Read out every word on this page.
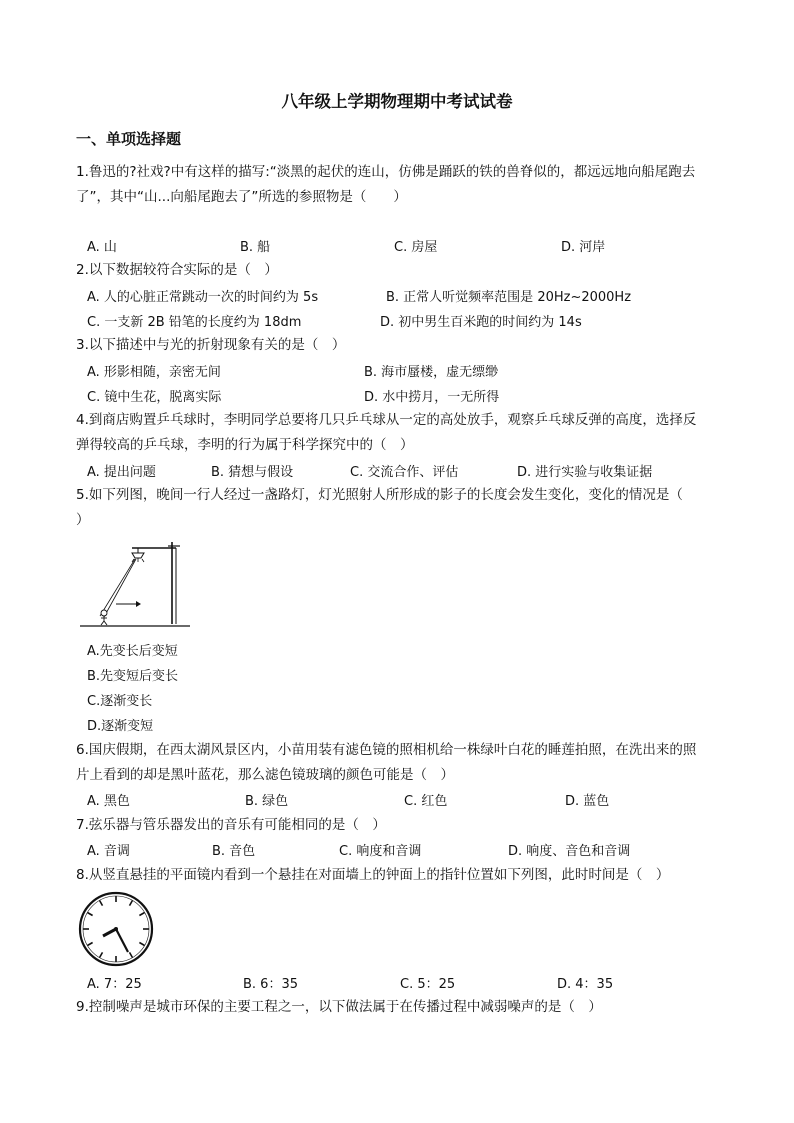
八年级上学期物理期中考试试卷
一、单项选择题
1.鲁迅的?社戏?中有这样的描写:“淡黑的起伏的连山，仿佛是踊跃的铁的兽脊似的，都远远地向船尾跑去
了”，其中“山...向船尾跑去了”所选的参照物是（　　）
A. 山	B. 船	C. 房屋	D. 河岸
2.以下数据较符合实际的是（　）
A. 人的心脏正常跳动一次的时间约为 5s	B. 正常人听觉频率范围是 20Hz~2000Hz
C. 一支新 2B 铅笔的长度约为 18dm	D. 初中男生百米跑的时间约为 14s
3.以下描述中与光的折射现象有关的是（　）
A. 形影相随，亲密无间	B. 海市蜃楼，虚无缥缈
C. 镜中生花，脱离实际	D. 水中捞月，一无所得
4.到商店购置乒乓球时，李明同学总要将几只乒乓球从一定的高处放手，观察乒乓球反弹的高度，选择反
弹得较高的乒乓球，李明的行为属于科学探究中的（　）
A. 提出问题	B. 猜想与假设	C. 交流合作、评估	D. 进行实验与收集证据
5.如下列图，晚间一行人经过一盏路灯，灯光照射人所形成的影子的长度会发生变化，变化的情况是（
）
A.先变长后变短
B.先变短后变长
C.逐渐变长
D.逐渐变短
6.国庆假期，在西太湖风景区内，小苗用装有滤色镜的照相机给一株绿叶白花的睡莲拍照，在洗出来的照
片上看到的却是黑叶蓝花，那么滤色镜玻璃的颜色可能是（　）
A. 黑色	B. 绿色	C. 红色	D. 蓝色
7.弦乐器与管乐器发出的音乐有可能相同的是（　）
A. 音调	B. 音色	C. 响度和音调	D. 响度、音色和音调
8.从竖直悬挂的平面镜内看到一个悬挂在对面墙上的钟面上的指针位置如下列图，此时时间是（　）
A. 7：25	B. 6：35	C. 5：25	D. 4：35
9.控制噪声是城市环保的主要工程之一，以下做法属于在传播过程中减弱噪声的是（　）
